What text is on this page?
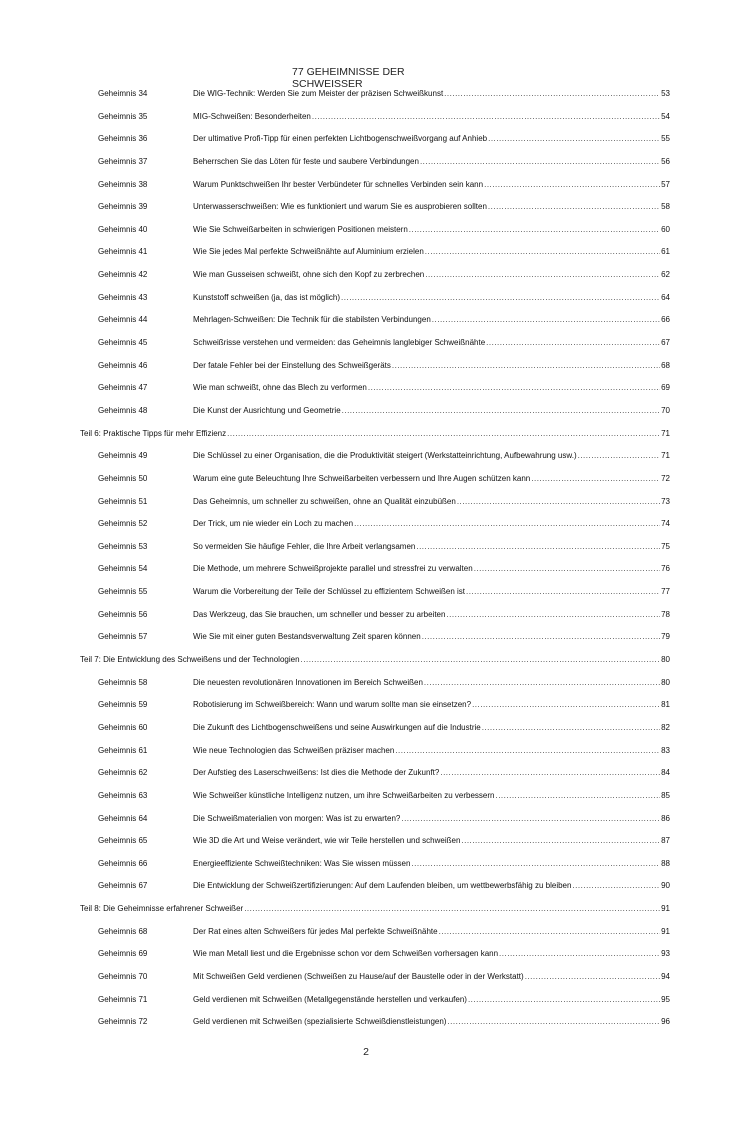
77 GEHEIMNISSE DER SCHWEISSER
Geheimnis 34	Die WIG-Technik: Werden Sie zum Meister der präzisen Schweißkunst .....	53
Geheimnis 35	MIG-Schweißen: Besonderheiten .....	54
Geheimnis 36	Der ultimative Profi-Tipp für einen perfekten Lichtbogenschweißvorgang auf Anhieb .....	55
Geheimnis 37	Beherrschen Sie das Löten für feste und saubere Verbindungen .....	56
Geheimnis 38	Warum Punktschweißen Ihr bester Verbündeter für schnelles Verbinden sein kann .....	57
Geheimnis 39	Unterwasserschweißen: Wie es funktioniert und warum Sie es ausprobieren sollten .....	58
Geheimnis 40	Wie Sie Schweißarbeiten in schwierigen Positionen meistern .....	60
Geheimnis 41	Wie Sie jedes Mal perfekte Schweißnähte auf Aluminium erzielen .....	61
Geheimnis 42	Wie man Gusseisen schweißt, ohne sich den Kopf zu zerbrechen .....	62
Geheimnis 43	Kunststoff schweißen (ja, das ist möglich) .....	64
Geheimnis 44	Mehrlagen-Schweißen: Die Technik für die stabilsten Verbindungen .....	66
Geheimnis 45	Schweißrisse verstehen und vermeiden: das Geheimnis langlebiger Schweißnähte .....	67
Geheimnis 46	Der fatale Fehler bei der Einstellung des Schweißgeräts .....	68
Geheimnis 47	Wie man schweißt, ohne das Blech zu verformen .....	69
Geheimnis 48	Die Kunst der Ausrichtung und Geometrie .....	70
Teil 6: Praktische Tipps für mehr Effizienz .....	71
Geheimnis 49	Die Schlüssel zu einer Organisation, die die Produktivität steigert (Werkstatteinrichtung, Aufbewahrung usw.) .....	71
Geheimnis 50	Warum eine gute Beleuchtung Ihre Schweißarbeiten verbessern und Ihre Augen schützen kann .....	72
Geheimnis 51	Das Geheimnis, um schneller zu schweißen, ohne an Qualität einzubüßen .....	73
Geheimnis 52	Der Trick, um nie wieder ein Loch zu machen .....	74
Geheimnis 53	So vermeiden Sie häufige Fehler, die Ihre Arbeit verlangsamen .....	75
Geheimnis 54	Die Methode, um mehrere Schweißprojekte parallel und stressfrei zu verwalten .....	76
Geheimnis 55	Warum die Vorbereitung der Teile der Schlüssel zu effizientem Schweißen ist .....	77
Geheimnis 56	Das Werkzeug, das Sie brauchen, um schneller und besser zu arbeiten .....	78
Geheimnis 57	Wie Sie mit einer guten Bestandsverwaltung Zeit sparen können .....	79
Teil 7: Die Entwicklung des Schweißens und der Technologien .....	80
Geheimnis 58	Die neuesten revolutionären Innovationen im Bereich Schweißen .....	80
Geheimnis 59	Robotisierung im Schweißbereich: Wann und warum sollte man sie einsetzen? .....	81
Geheimnis 60	Die Zukunft des Lichtbogenschweißens und seine Auswirkungen auf die Industrie .....	82
Geheimnis 61	Wie neue Technologien das Schweißen präziser machen .....	83
Geheimnis 62	Der Aufstieg des Laserschweißens: Ist dies die Methode der Zukunft? .....	84
Geheimnis 63	Wie Schweißer künstliche Intelligenz nutzen, um ihre Schweißarbeiten zu verbessern .....	85
Geheimnis 64	Die Schweißmaterialien von morgen: Was ist zu erwarten? .....	86
Geheimnis 65	Wie 3D die Art und Weise verändert, wie wir Teile herstellen und schweißen .....	87
Geheimnis 66	Energieeffiziente Schweißtechniken: Was Sie wissen müssen .....	88
Geheimnis 67	Die Entwicklung der Schweißzertifizierungen: Auf dem Laufenden bleiben, um wettbewerbsfähig zu bleiben .....	90
Teil 8: Die Geheimnisse erfahrener Schweißer .....	91
Geheimnis 68	Der Rat eines alten Schweißers für jedes Mal perfekte Schweißnähte .....	91
Geheimnis 69	Wie man Metall liest und die Ergebnisse schon vor dem Schweißen vorhersagen kann .....	93
Geheimnis 70	Mit Schweißen Geld verdienen (Schweißen zu Hause/auf der Baustelle oder in der Werkstatt) .....	94
Geheimnis 71	Geld verdienen mit Schweißen (Metallgegenstände herstellen und verkaufen) .....	95
Geheimnis 72	Geld verdienen mit Schweißen (spezialisierte Schweißdienstleistungen) .....	96
2
